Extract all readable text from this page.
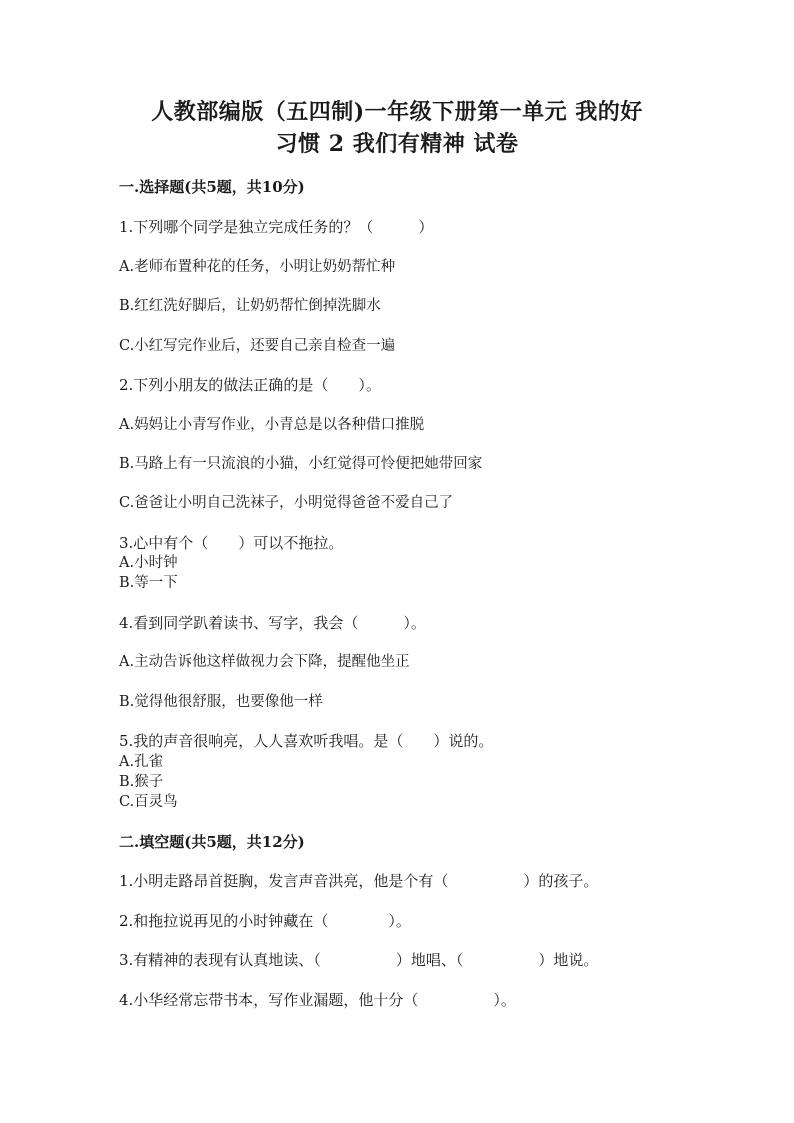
人教部编版（五四制)一年级下册第一单元 我的好
习惯 2 我们有精神 试卷
一.选择题(共5题，共10分)
1.下列哪个同学是独立完成任务的？（　　　）
A.老师布置种花的任务，小明让奶奶帮忙种
B.红红洗好脚后，让奶奶帮忙倒掉洗脚水
C.小红写完作业后，还要自己亲自检查一遍
2.下列小朋友的做法正确的是（　　）。
A.妈妈让小青写作业，小青总是以各种借口推脱
B.马路上有一只流浪的小猫，小红觉得可怜便把她带回家
C.爸爸让小明自己洗袜子，小明觉得爸爸不爱自己了
3.心中有个（　　）可以不拖拉。
A.小时钟
B.等一下
4.看到同学趴着读书、写字，我会（　　　）。
A.主动告诉他这样做视力会下降，提醒他坐正
B.觉得他很舒服，也要像他一样
5.我的声音很响亮，人人喜欢听我唱。是（　　）说的。
A.孔雀
B.猴子
C.百灵鸟
二.填空题(共5题，共12分)
1.小明走路昂首挺胸，发言声音洪亮，他是个有（　　　　　）的孩子。
2.和拖拉说再见的小时钟藏在（　　　　）。
3.有精神的表现有认真地读、（　　　　　）地唱、（　　　　　）地说。
4.小华经常忘带书本，写作业漏题，他十分（　　　　　）。
